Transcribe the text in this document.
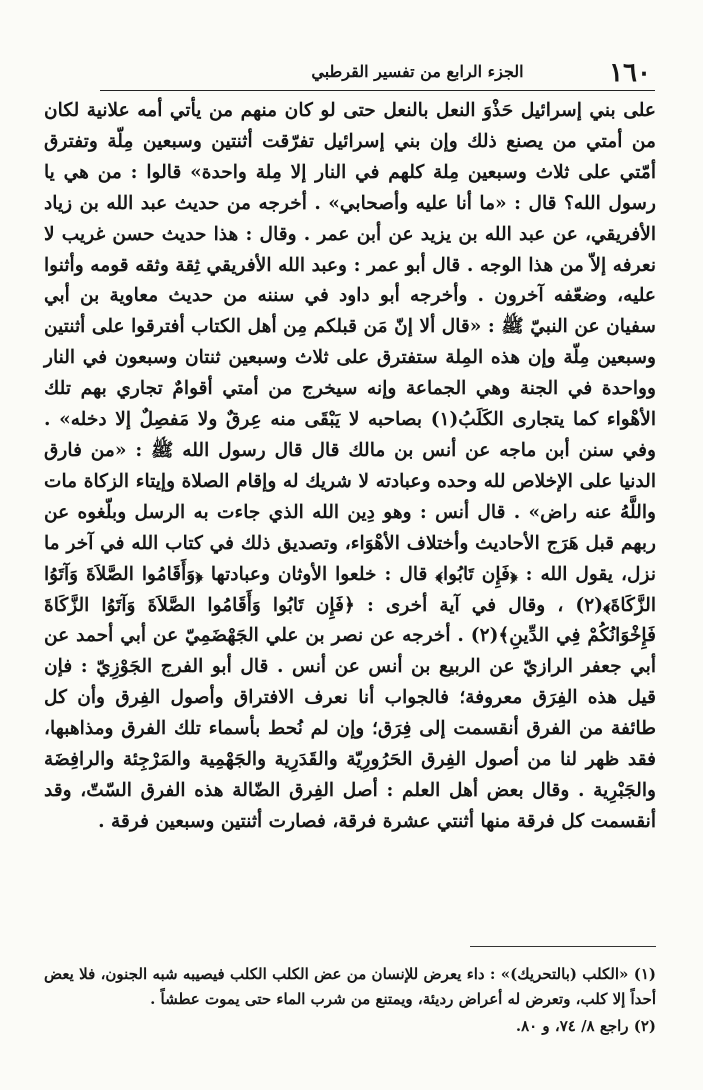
١٦٠
الجزء الرابع من تفسير القرطبي

على بني إسرائيل حَذْوَ النعل بالنعل حتى لو كان منهم من يأتي أمه علانية لكان من أمتي من يصنع ذلك وإن بني إسرائيل تفرّقت أثنتين وسبعين مِلّة وتفترق أمّتي على ثلاث وسبعين مِلة كلهم في النار إلا مِلة واحدة» قالوا : من هي يا رسول الله؟ قال : «ما أنا عليه وأصحابي» . أخرجه من حديث عبد الله بن زياد الأفريقي، عن عبد الله بن يزيد عن أبن عمر . وقال : هذا حديث حسن غريب لا نعرفه إلاّ من هذا الوجه . قال أبو عمر : وعبد الله الأفريقي ثِقة وثقه قومه وأثنوا عليه، وضعّفه آخرون . وأخرجه أبو داود في سننه من حديث معاوية بن أبي سفيان عن النبيّ ﷺ : «قال ألا إنّ مَن قبلكم مِن أهل الكتاب أفترقوا على أثنتين وسبعين مِلّة وإن هذه المِلة ستفترق على ثلاث وسبعين ثنتان وسبعون في النار وواحدة في الجنة وهي الجماعة وإنه سيخرج من أمتي أقوامٌ تجاري بهم تلك الأهْواء كما يتجارى الكَلَبُ(١) بصاحبه لا يَبْقَى منه عِرقٌ ولا مَفصِلٌ إلا دخله» . وفي سنن أبن ماجه عن أنس بن مالك قال قال رسول الله ﷺ : «من فارق الدنيا على الإخلاص لله وحده وعبادته لا شريك له وإقام الصلاة وإيتاء الزكاة مات واللَّهُ عنه راض» . قال أنس : وهو دِين الله الذي جاءت به الرسل وبلّغوه عن ربهم قبل هَرَج الأحاديث وأختلاف الأهْوَاء، وتصديق ذلك في كتاب الله في آخر ما نزل، يقول الله : ﴿فَإِن تَابُوا﴾ قال : خلعوا الأوثان وعبادتها ﴿وَأَقَامُوا الصَّلاَةَ وَآتَوُا الزَّكَاةَ﴾(٢) ، وقال في آية أخرى : ﴿فَإِن تَابُوا وَأَقَامُوا الصَّلاَةَ وَآتَوُا الزَّكَاةَ فَإِخْوَانُكُمْ فِي الدِّينِ﴾(٢) . أخرجه عن نصر بن علي الجَهْضَمِيّ عن أبي أحمد عن أبي جعفر الرازيّ عن الربيع بن أنس عن أنس . قال أبو الفرج الجَوْزِيّ : فإن قيل هذه الفِرَق معروفة؛ فالجواب أنا نعرف الافتراق وأصول الفِرق وأن كل طائفة من الفرق أنقسمت إلى فِرَق؛ وإن لم نُحط بأسماء تلك الفرق ومذاهبها، فقد ظهر لنا من أصول الفِرق الحَرُورِيّة والقَدَرِية والجَهْمِية والمَرْجِئة والرافِضَة والجَبْرِية . وقال بعض أهل العلم : أصل الفِرق الضّالة هذه الفرق السّتّ، وقد أنقسمت كل فرقة منها أثنتي عشرة فرقة، فصارت أثنتين وسبعين فرقة .

(١) «الكلب (بالتحريك)» : داء يعرض للإنسان من عض الكلب الكلب فيصيبه شبه الجنون، فلا يعض أحداً إلا كلب، وتعرض له أعراض رديئة، ويمتنع من شرب الماء حتى يموت عطشاً .

(٢) راجع ٨/ ٧٤، و ٨٠.
